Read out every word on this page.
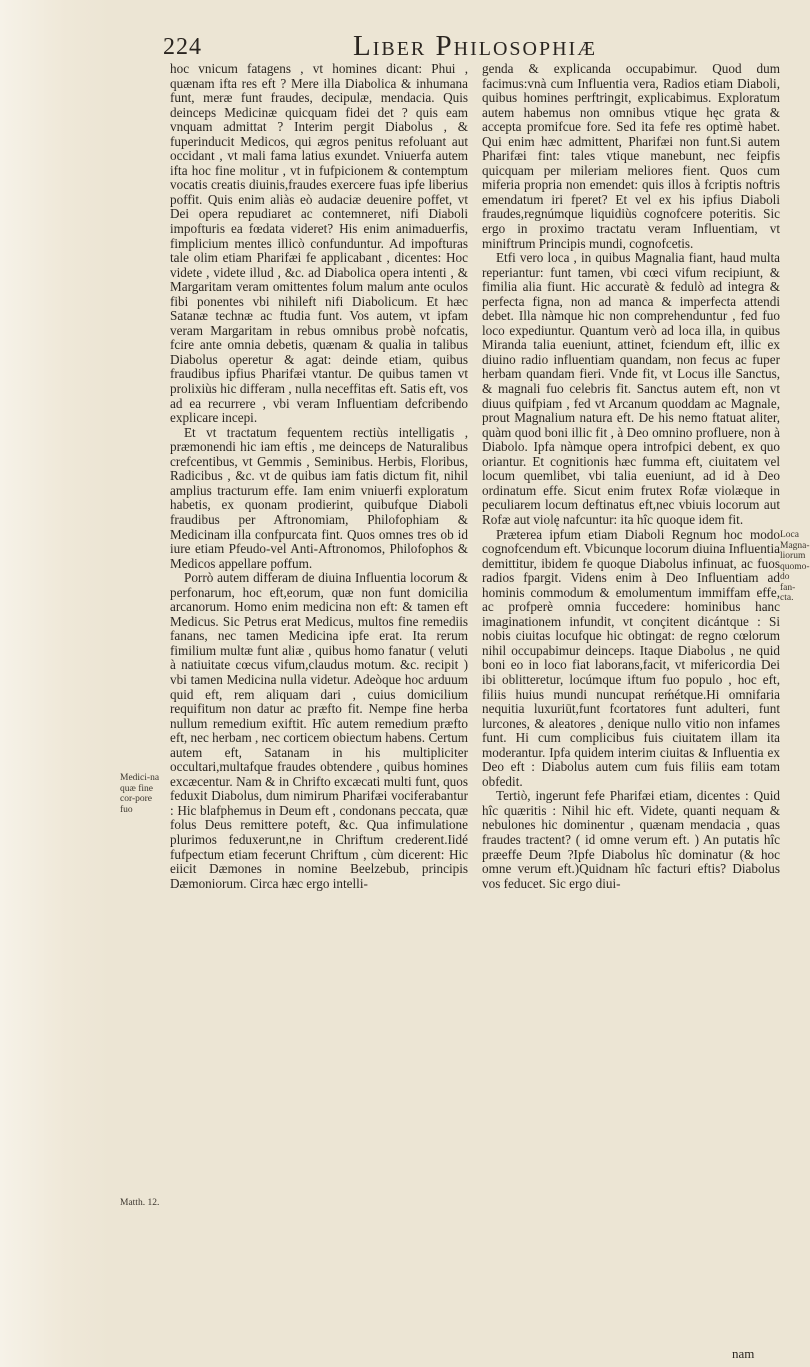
224	Liber Philosophiæ

hoc vnicum fatagens , vt homines dicant: Phui , quænam ifta res eft ? Mere illa Diabolica & inhumana funt, meræ funt fraudes, decipulæ, mendacia. Quis deinceps Medicinæ quicquam fidei det ? quis eam vnquam admittat ? Interim pergit Diabolus , & fuperinducit Medicos, qui ægros penitus refoluant aut occidant , vt mali fama latius exundet. Vniuerfa autem ifta hoc fine molitur , vt in fufpicionem & contemptum vocatis creatis diuinis,fraudes exercere fuas ipfe liberius poffit. Quis enim aliàs eò audaciæ deuenire poffet, vt Dei opera repudiaret ac contemneret, nifi Diaboli impofturis ea fœdata videret? His enim animaduerfis, fimplicium mentes illicò confunduntur. Ad impofturas tale olim etiam Pharifæi fe applicabant , dicentes: Hoc videte , videte illud , &c. ad Diabolica opera intenti , & Margaritam veram omittentes folum malum ante oculos fibi ponentes vbi nihileft nifi Diabolicum. Et hæc Satanæ technæ ac ftudia funt. Vos autem, vt ipfam veram Margaritam in rebus omnibus probè nofcatis, fcire ante omnia debetis, quænam & qualia in talibus Diabolus operetur & agat: deinde etiam, quibus fraudibus ipfius Pharifæi vtantur. De quibus tamen vt prolixiùs hic differam , nulla neceffitas eft. Satis eft, vos ad ea recurrere , vbi veram Influentiam defcribendo explicare incepi.

Et vt tractatum fequentem rectiùs intelligatis , præmonendi hic iam eftis , me deinceps de Naturalibus crefcentibus, vt Gemmis , Seminibus. Herbis, Floribus, Radicibus , &c. vt de quibus iam fatis dictum fit, nihil amplius tracturum effe. Iam enim vniuerfi exploratum habetis, ex quonam prodierint, quibufque Diaboli fraudibus per Aftronomiam, Philofophiam & Medicinam illa confpurcata fint. Quos omnes tres ob id iure etiam Pfeudo-vel Anti-Aftronomos, Philofophos & Medicos appellare poffum.

Porrò autem differam de diuina Influentia locorum & perfonarum, hoc eft,eorum, quæ non funt domicilia arcanorum. Homo enim medicina non eft: & tamen eft Medicus. Sic Petrus erat Medicus, multos fine remediis fanans, nec tamen Medicina ipfe erat. Ita rerum fimilium multæ funt aliæ , quibus homo fanatur ( veluti à natiuitate cœcus vifum,claudus motum. &c. recipit ) vbi tamen Medicina nulla videtur. Adeòque hoc arduum quid eft, rem aliquam dari , cuius domicilium requifitum non datur ac præfto fit. Nempe fine herba nullum remedium exiftit. Hîc autem remedium præfto eft, nec herbam , nec corticem obiectum habens. Certum autem eft, Satanam in his multipliciter occultari,multafque fraudes obtendere , quibus homines excæcentur. Nam & in Chrifto excæcati multi funt, quos feduxit Diabolus, dum nimirum Pharifæi vociferabantur : Hic blafphemus in Deum eft , condonans peccata, quæ folus Deus remittere poteft, &c. Qua infimulatione plurimos feduxerunt,ne in Chriftum crederent.Iidé fufpectum etiam fecerunt Chriftum , cùm dicerent: Hic eiicit Dæmones in nomine Beelzebub, principis Dæmoniorum. Circa hæc ergo intelli-

genda & explicanda occupabimur. Quod dum facimus:vnà cum Influentia vera, Radios etiam Diaboli, quibus homines perftringit, explicabimus. Exploratum autem habemus non omnibus vtique hęc grata & accepta promifcue fore. Sed ita fefe res optimè habet. Qui enim hæc admittent, Pharifæi non funt.Si autem Pharifæi fint: tales vtique manebunt, nec feipfis quicquam per mileriam meliores fient. Quos cum miferia propria non emendet: quis illos à fcriptis noftris emendatum iri fperet? Et vel ex his ipfius Diaboli fraudes,regnúmque liquidiùs cognofcere poteritis. Sic ergo in proximo tractatu veram Influentiam, vt miniftrum Principis mundi, cognofcetis.

Etfi vero loca , in quibus Magnalia fiant, haud multa reperiantur: funt tamen, vbi cœci vifum recipiunt, & fimilia alia fiunt. Hic accuratè & fedulò ad integra & perfecta figna, non ad manca & imperfecta attendi debet. Illa nàmque hic non comprehenduntur , fed fuo loco expediuntur. Quantum verò ad loca illa, in quibus Miranda talia eueniunt, attinet, fciendum eft, illic ex diuino radio influentiam quandam, non fecus ac fuper herbam quandam fieri. Vnde fit, vt Locus ille Sanctus, & magnali fuo celebris fit. Sanctus autem eft, non vt diuus quifpiam , fed vt Arcanum quoddam ac Magnale, prout Magnalium natura eft. De his nemo ftatuat aliter, quàm quod boni illic fit , à Deo omnino profluere, non à Diabolo. Ipfa nàmque opera introfpici debent, ex quo oriantur. Et cognitionis hæc fumma eft, ciuitatem vel locum quemlibet, vbi talia eueniunt, ad id à Deo ordinatum effe. Sicut enim frutex Rofæ violæque in peculiarem locum deftinatus eft,nec vbiuis locorum aut Rofæ aut violę nafcuntur: ita hîc quoque idem fit.

Præterea ipfum etiam Diaboli Regnum hoc modo cognofcendum eft. Vbicunque locorum diuina Influentia demittitur, ibidem fe quoque Diabolus infinuat, ac fuos radios fpargit. Videns enim à Deo Influentiam ad hominis commodum & emolumentum immiffam effe, ac profperè omnia fuccedere: hominibus hanc imaginationem infundit, vt conçitent dicántque : Si nobis ciuitas locufque hic obtingat: de regno cœlorum nihil occupabimur deinceps. Itaque Diabolus , ne quid boni eo in loco fiat laborans,facit, vt mifericordia Dei ibi oblitteretur, locúmque iftum fuo populo , hoc eft, filiis huius mundi nuncupat reḿétque.Hi omnifaria nequitia luxuriūt,funt fcortatores funt adulteri, funt lurcones, & aleatores , denique nullo vitio non infames funt. Hi cum complicibus fuis ciuitatem illam ita moderantur. Ipfa quidem interim ciuitas & Influentia ex Deo eft : Diabolus autem cum fuis filiis eam totam obfedit.

Tertiò, ingerunt fefe Pharifæi etiam, dicentes : Quid hîc quæritis : Nihil hic eft. Videte, quanti nequam & nebulones hic dominentur , quænam mendacia , quas fraudes tractent? ( id omne verum eft. ) An putatis hîc præeffe Deum ?Ipfe Diabolus hîc dominatur (& hoc omne verum eft.)Quidnam hîc facturi eftis? Diabolus vos feducet. Sic ergo diui-

Medici-na quæ fine cor-pore fuo
Matth. 12.
Loca Magna-liorum quomo-do fan-cta.
nam
